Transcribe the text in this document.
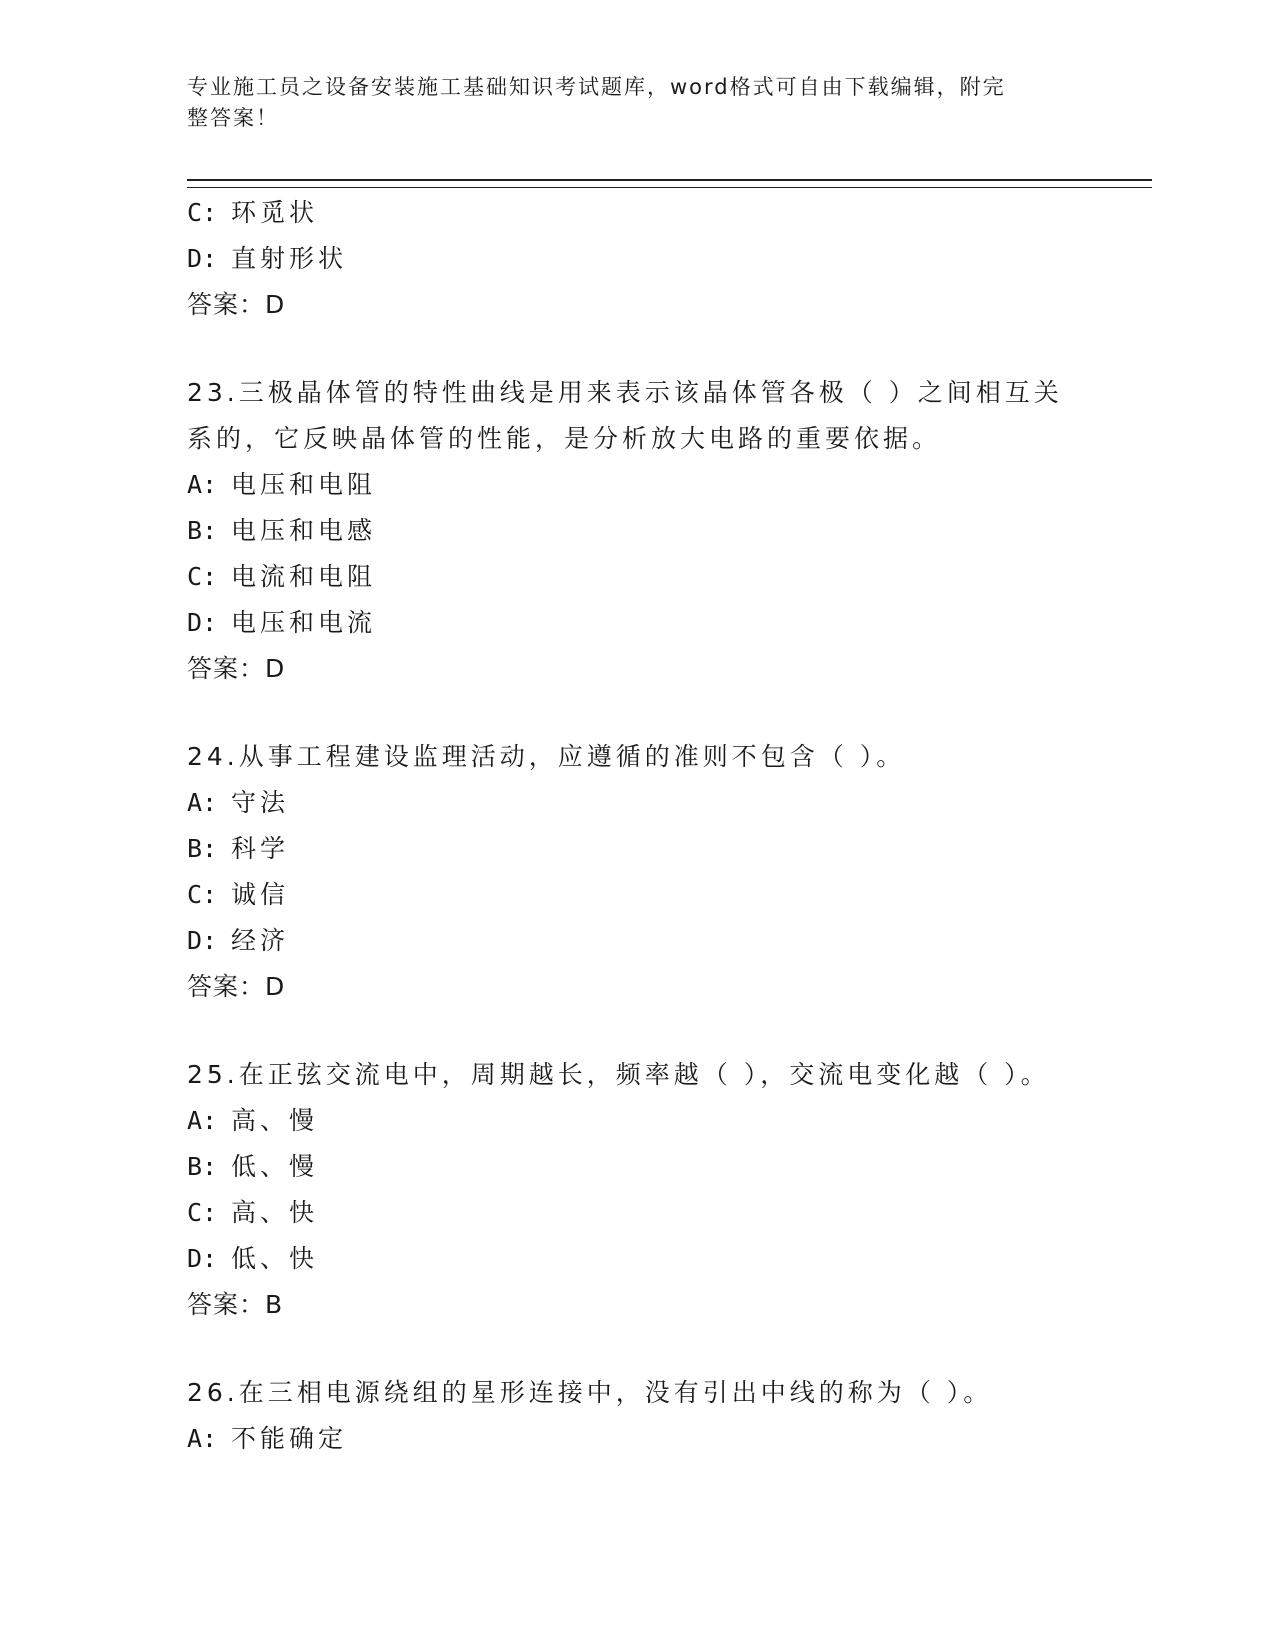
专业施工员之设备安装施工基础知识考试题库，word格式可自由下载编辑，附完
整答案！
C: 环觅状
D: 直射形状
答案：D
23.三极晶体管的特性曲线是用来表示该晶体管各极（ ）之间相互关
系的，它反映晶体管的性能，是分析放大电路的重要依据。
A: 电压和电阻
B: 电压和电感
C: 电流和电阻
D: 电压和电流
答案：D
24.从事工程建设监理活动，应遵循的准则不包含（ ）。
A: 守法
B: 科学
C: 诚信
D: 经济
答案：D
25.在正弦交流电中，周期越长，频率越（ ），交流电变化越（ ）。
A: 高、慢
B: 低、慢
C: 高、快
D: 低、快
答案：B
26.在三相电源绕组的星形连接中，没有引出中线的称为（ ）。
A: 不能确定
